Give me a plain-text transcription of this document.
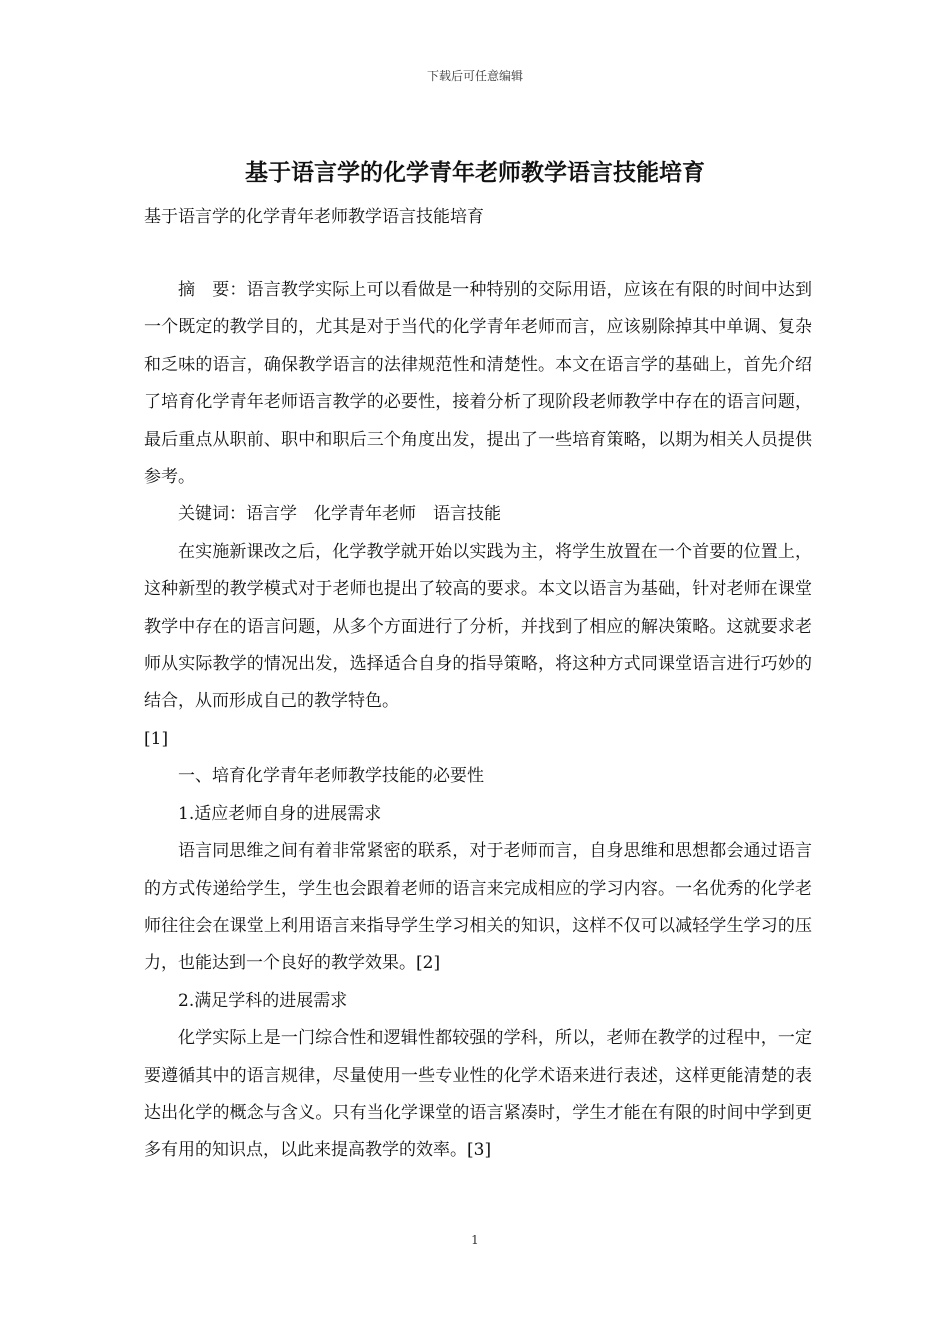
下载后可任意编辑
基于语言学的化学青年老师教学语言技能培育
基于语言学的化学青年老师教学语言技能培育

摘　要：语言教学实际上可以看做是一种特别的交际用语，应该在有限的时间中达到一个既定的教学目的，尤其是对于当代的化学青年老师而言，应该剔除掉其中单调、复杂和乏味的语言，确保教学语言的法律规范性和清楚性。本文在语言学的基础上，首先介绍了培育化学青年老师语言教学的必要性，接着分析了现阶段老师教学中存在的语言问题，最后重点从职前、职中和职后三个角度出发，提出了一些培育策略，以期为相关人员提供参考。

关键词：语言学　化学青年老师　语言技能

在实施新课改之后，化学教学就开始以实践为主，将学生放置在一个首要的位置上，这种新型的教学模式对于老师也提出了较高的要求。本文以语言为基础，针对老师在课堂教学中存在的语言问题，从多个方面进行了分析，并找到了相应的解决策略。这就要求老师从实际教学的情况出发，选择适合自身的指导策略，将这种方式同课堂语言进行巧妙的结合，从而形成自己的教学特色。

[1]

一、培育化学青年老师教学技能的必要性

1.适应老师自身的进展需求

语言同思维之间有着非常紧密的联系，对于老师而言，自身思维和思想都会通过语言的方式传递给学生，学生也会跟着老师的语言来完成相应的学习内容。一名优秀的化学老师往往会在课堂上利用语言来指导学生学习相关的知识，这样不仅可以减轻学生学习的压力，也能达到一个良好的教学效果。[2]

2.满足学科的进展需求

化学实际上是一门综合性和逻辑性都较强的学科，所以，老师在教学的过程中，一定要遵循其中的语言规律，尽量使用一些专业性的化学术语来进行表述，这样更能清楚的表达出化学的概念与含义。只有当化学课堂的语言紧凑时，学生才能在有限的时间中学到更多有用的知识点，以此来提高教学的效率。[3]

1
